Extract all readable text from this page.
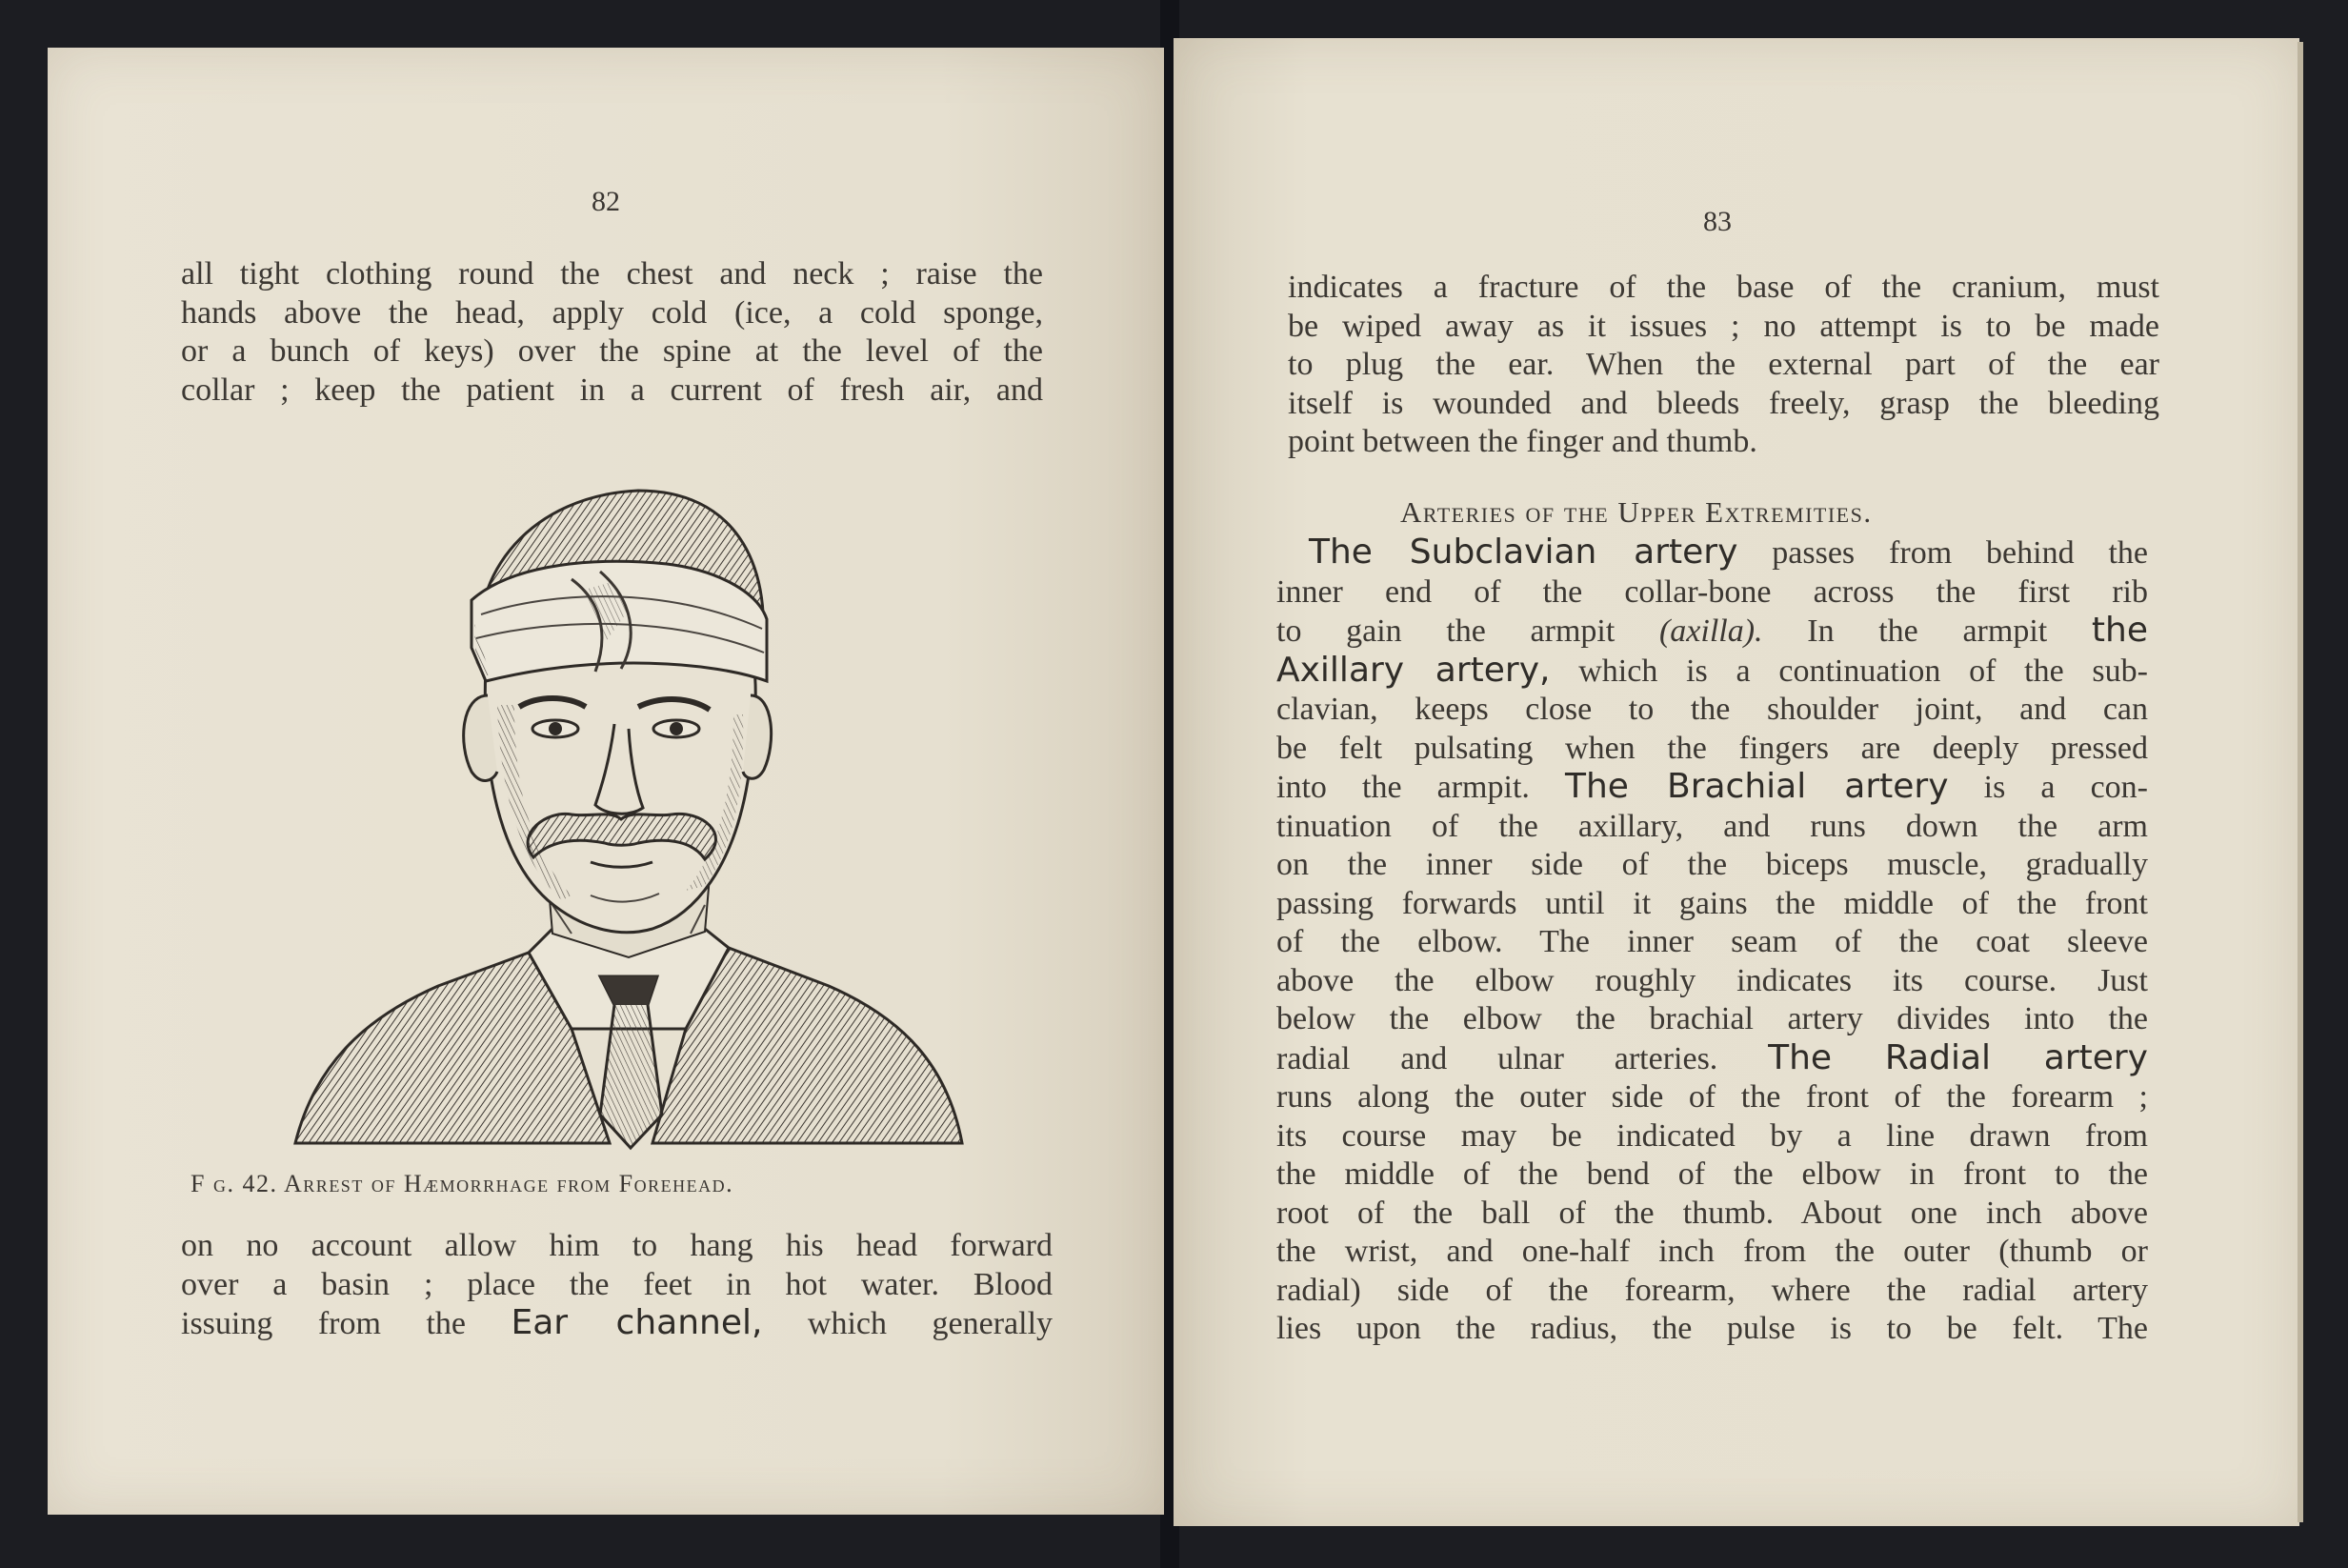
82
all tight clothing round the chest and neck ; raise the
hands above the head, apply cold (ice, a cold sponge,
or a bunch of keys) over the spine at the level of the
collar ; keep the patient in a current of fresh air, and
F g. 42. Arrest of Hæmorrhage from Forehead.
on no account allow him to hang his head forward
over a basin ; place the feet in hot water. Blood
issuing from the Ear channel, which generally
83
indicates a fracture of the base of the cranium, must
be wiped away as it issues ; no attempt is to be made
to plug the ear. When the external part of the ear
itself is wounded and bleeds freely, grasp the bleeding
point between the finger and thumb.
Arteries of the Upper Extremities.
 The Subclavian artery passes from behind the
inner end of the collar-bone across the first rib
to gain the armpit (axilla). In the armpit the
Axillary artery, which is a continuation of the sub-
clavian, keeps close to the shoulder joint, and can
be felt pulsating when the fingers are deeply pressed
into the armpit. The Brachial artery is a con-
tinuation of the axillary, and runs down the arm
on the inner side of the biceps muscle, gradually
passing forwards until it gains the middle of the front
of the elbow. The inner seam of the coat sleeve
above the elbow roughly indicates its course. Just
below the elbow the brachial artery divides into the
radial and ulnar arteries. The Radial artery
runs along the outer side of the front of the forearm ;
its course may be indicated by a line drawn from
the middle of the bend of the elbow in front to the
root of the ball of the thumb. About one inch above
the wrist, and one-half inch from the outer (thumb or
radial) side of the forearm, where the radial artery
lies upon the radius, the pulse is to be felt. The
